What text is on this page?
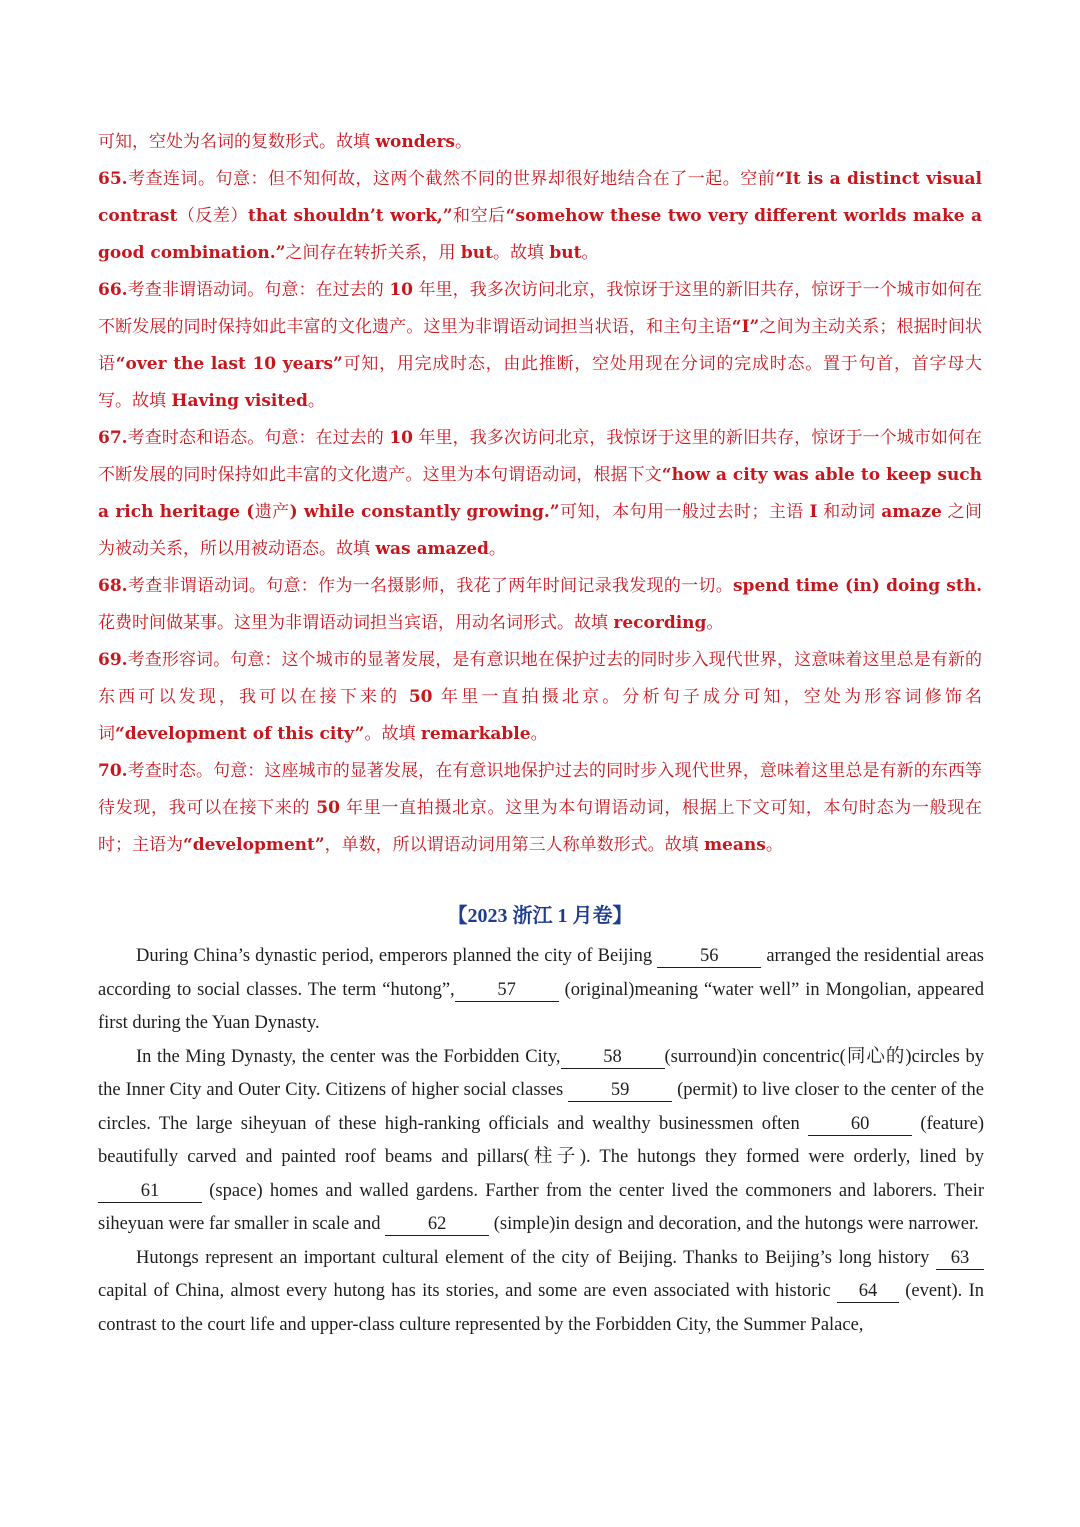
可知，空处为名词的复数形式。故填 wonders。

65.考查连词。句意：但不知何故，这两个截然不同的世界却很好地结合在了一起。空前“It is a distinct visual contrast（反差）that shouldn’t work,”和空后“somehow these two very different worlds make a good combination.”之间存在转折关系，用 but。故填 but。

66.考查非谓语动词。句意：在过去的 10 年里，我多次访问北京，我惊讶于这里的新旧共存，惊讶于一个城市如何在不断发展的同时保持如此丰富的文化遗产。这里为非谓语动词担当状语，和主句主语“I”之间为主动关系；根据时间状语“over the last 10 years”可知，用完成时态，由此推断，空处用现在分词的完成时态。置于句首，首字母大写。故填 Having visited。

67.考查时态和语态。句意：在过去的 10 年里，我多次访问北京，我惊讶于这里的新旧共存，惊讶于一个城市如何在不断发展的同时保持如此丰富的文化遗产。这里为本句谓语动词，根据下文“how a city was able to keep such a rich heritage (遗产) while constantly growing.”可知，本句用一般过去时；主语 I 和动词 amaze 之间为被动关系，所以用被动语态。故填 was amazed。

68.考查非谓语动词。句意：作为一名摄影师，我花了两年时间记录我发现的一切。spend time (in) doing sth. 花费时间做某事。这里为非谓语动词担当宾语，用动名词形式。故填 recording。

69.考查形容词。句意：这个城市的显著发展，是有意识地在保护过去的同时步入现代世界，这意味着这里总是有新的东西可以发现，我可以在接下来的 50 年里一直拍摄北京。分析句子成分可知，空处为形容词修饰名词“development of this city”。故填 remarkable。

70.考查时态。句意：这座城市的显著发展，在有意识地保护过去的同时步入现代世界，意味着这里总是有新的东西等待发现，我可以在接下来的 50 年里一直拍摄北京。这里为本句谓语动词，根据上下文可知，本句时态为一般现在时；主语为“development”，单数，所以谓语动词用第三人称单数形式。故填 means。

【2023 浙江 1 月卷】

During China’s dynastic period, emperors planned the city of Beijing 56 arranged the residential areas according to social classes. The term “hutong”, 57 (original)meaning “water well” in Mongolian, appeared first during the Yuan Dynasty.

In the Ming Dynasty, the center was the Forbidden City, 58 (surround)in concentric(同心的)circles by the Inner City and Outer City. Citizens of higher social classes 59 (permit) to live closer to the center of the circles. The large siheyuan of these high-ranking officials and wealthy businessmen often 60 (feature) beautifully carved and painted roof beams and pillars(柱子). The hutongs they formed were orderly, lined by 61 (space) homes and walled gardens. Farther from the center lived the commoners and laborers. Their siheyuan were far smaller in scale and 62 (simple)in design and decoration, and the hutongs were narrower.

Hutongs represent an important cultural element of the city of Beijing. Thanks to Beijing’s long history 63 capital of China, almost every hutong has its stories, and some are even associated with historic 64 (event). In contrast to the court life and upper-class culture represented by the Forbidden City, the Summer Palace,
